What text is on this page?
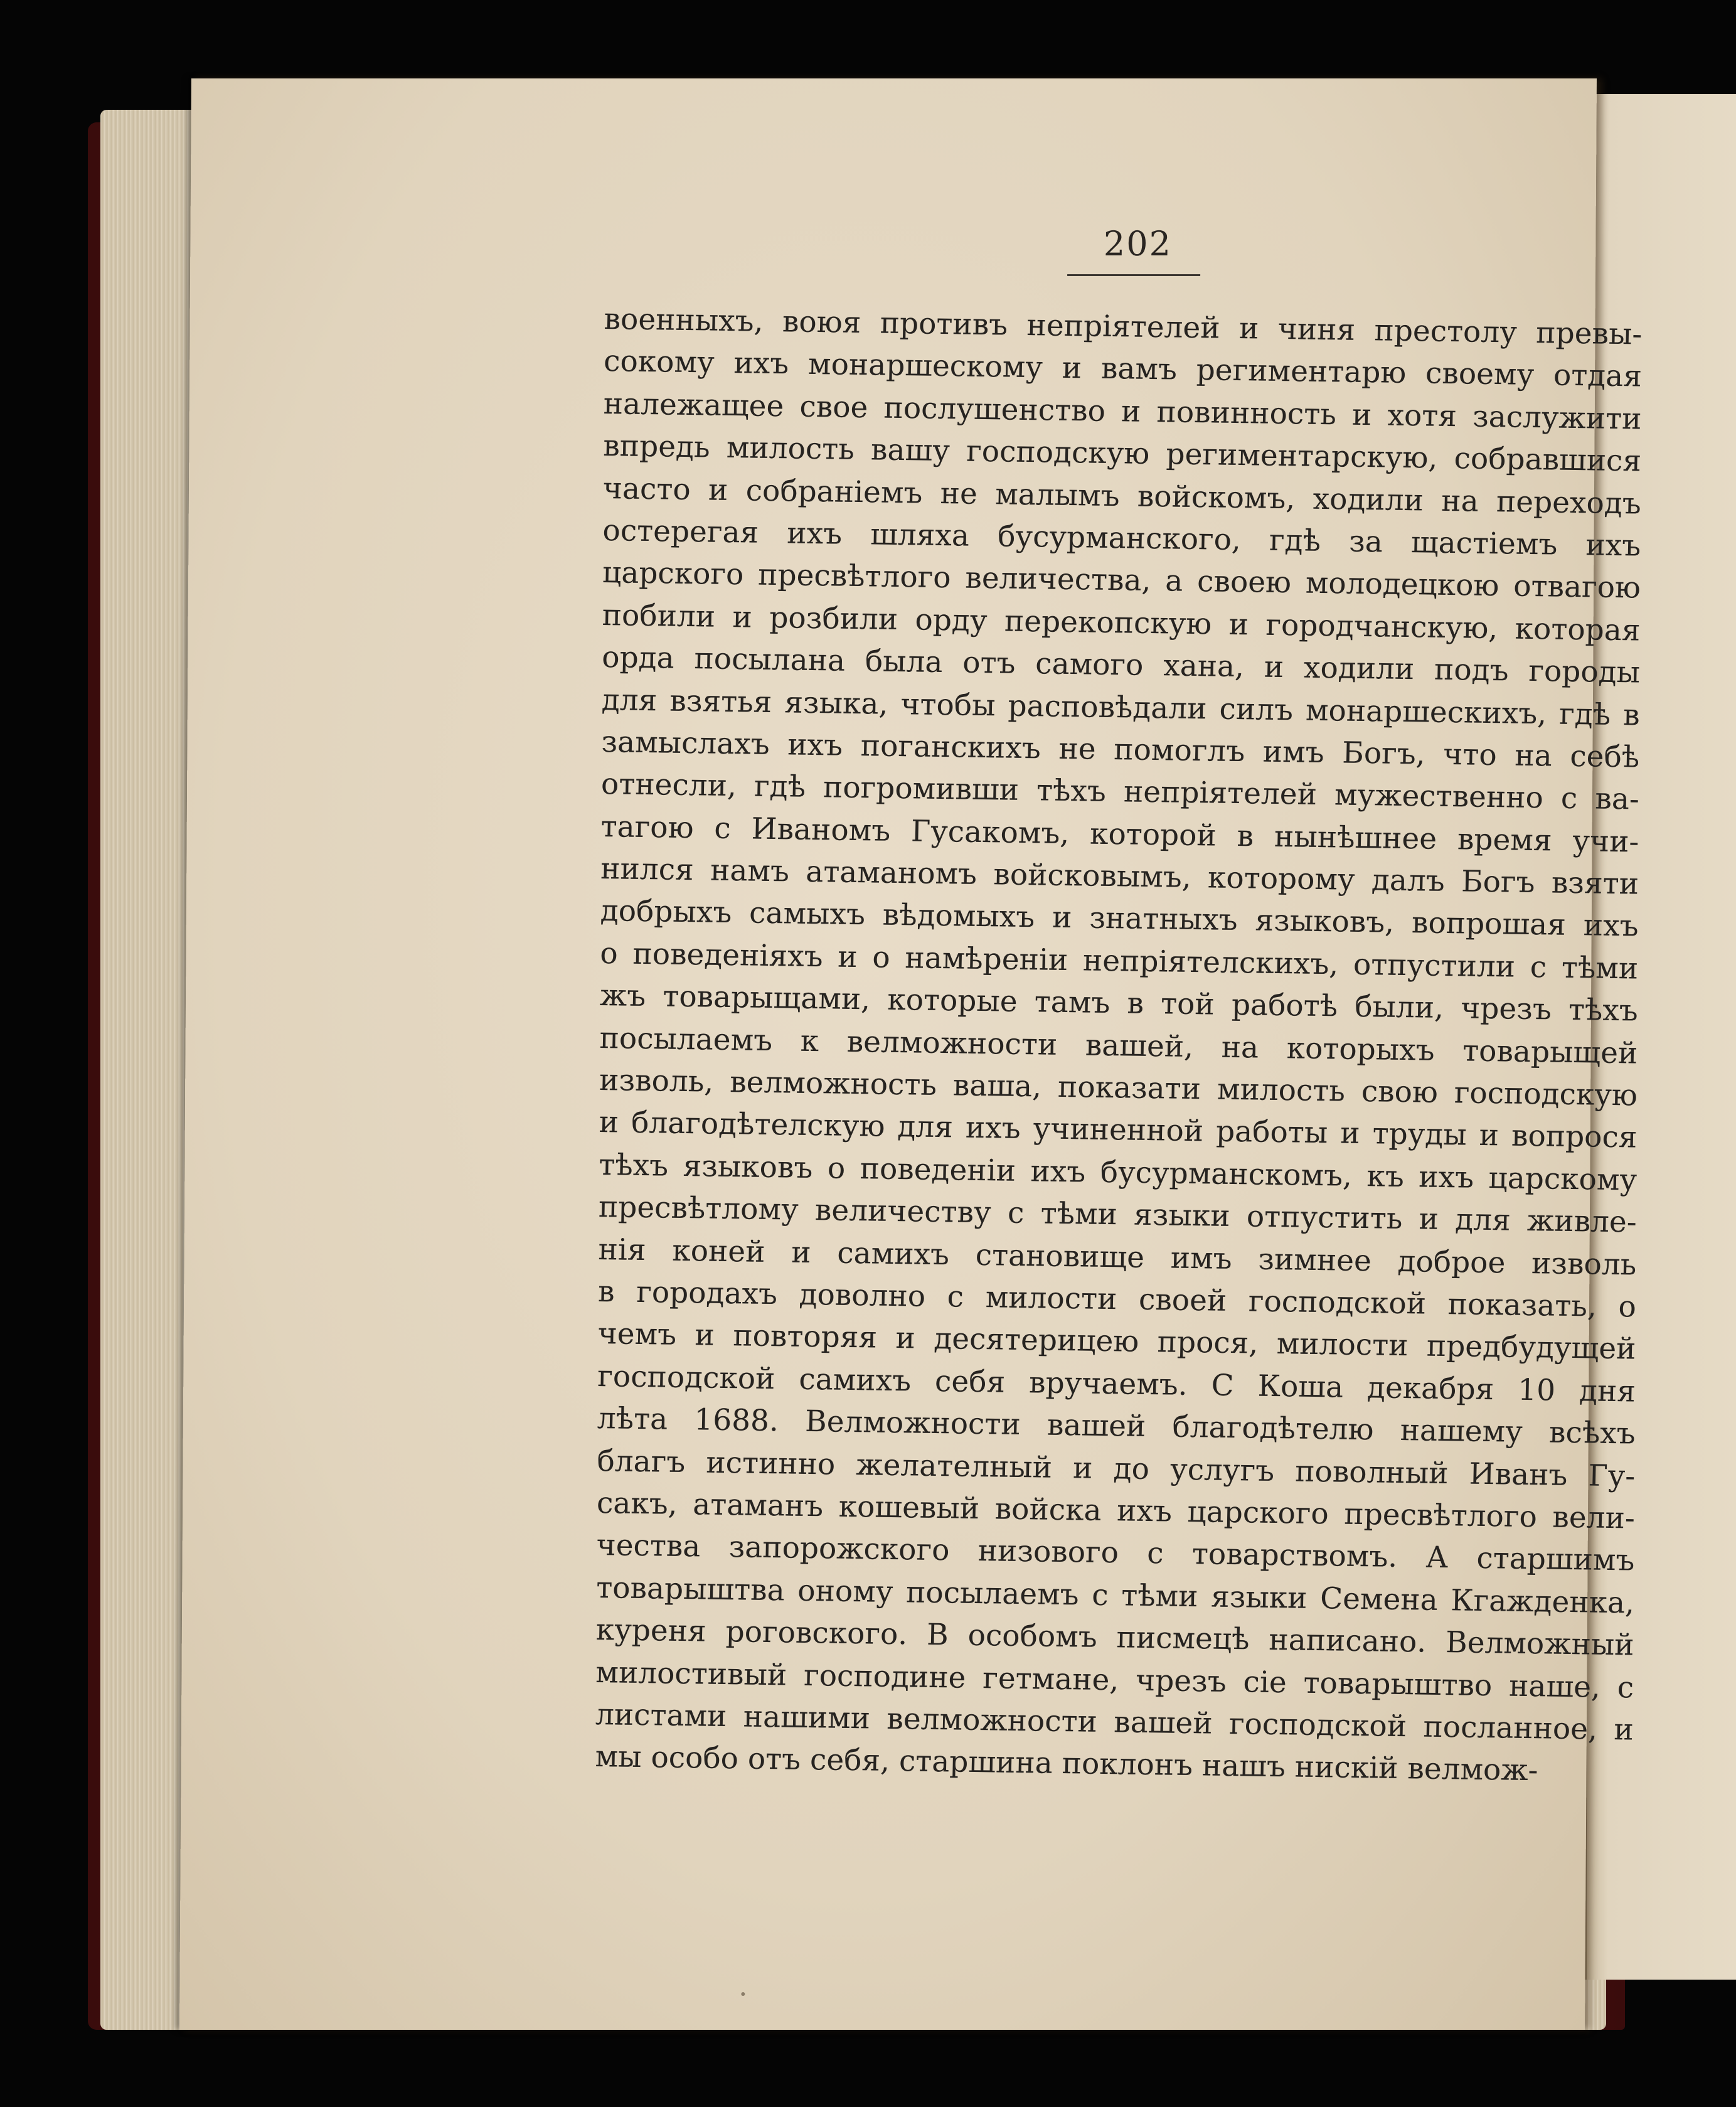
202
военныхъ, воюя противъ непріятелей и чиня престолу превы-
сокому ихъ монаршескому и вамъ региментарю своему отдая
належащее свое послушенство и повинность и хотя заслужити
впредь милость вашу господскую региментарскую, собравшися
часто и собраніемъ не малымъ войскомъ, ходили на переходъ
остерегая ихъ шляха бусурманского, гдѣ за щастіемъ ихъ
царского пресвѣтлого величества, а своею молодецкою отвагою
побили и розбили орду перекопскую и городчанскую, которая
орда посылана была отъ самого хана, и ходили подъ городы
для взятья языка, чтобы расповѣдали силъ монаршескихъ, гдѣ в
замыслахъ ихъ поганскихъ не помоглъ имъ Богъ, что на себѣ
отнесли, гдѣ погромивши тѣхъ непріятелей мужественно с ва-
тагою с Иваномъ Гусакомъ, которой в нынѣшнее время учи-
нился намъ атаманомъ войсковымъ, которому далъ Богъ взяти
добрыхъ самыхъ вѣдомыхъ и знатныхъ языковъ, вопрошая ихъ
о поведеніяхъ и о намѣреніи непріятелскихъ, отпустили с тѣми
жъ товарыщами, которые тамъ в той работѣ были, чрезъ тѣхъ
посылаемъ к велможности вашей, на которыхъ товарыщей
изволь, велможность ваша, показати милость свою господскую
и благодѣтелскую для ихъ учиненной работы и труды и вопрося
тѣхъ языковъ о поведеніи ихъ бусурманскомъ, къ ихъ царскому
пресвѣтлому величеству с тѣми языки отпустить и для живле-
нія коней и самихъ становище имъ зимнее доброе изволь
в городахъ доволно с милости своей господской показать, о
чемъ и повторяя и десятерицею прося, милости предбудущей
господской самихъ себя вручаемъ. С Коша декабря 10 дня
лѣта 1688. Велможности вашей благодѣтелю нашему всѣхъ
благъ истинно желателный и до услугъ поволный Иванъ Гу-
сакъ, атаманъ кошевый войска ихъ царского пресвѣтлого вели-
чества запорожского низового с товарствомъ. А старшимъ
товарыштва оному посылаемъ с тѣми языки Семена Кгажденка,
куреня роговского. В особомъ писмецѣ написано. Велможный
милостивый господине гетмане, чрезъ сіе товарыштво наше, с
листами нашими велможности вашей господской посланное, и
мы особо отъ себя, старшина поклонъ нашъ нискій велмож-
